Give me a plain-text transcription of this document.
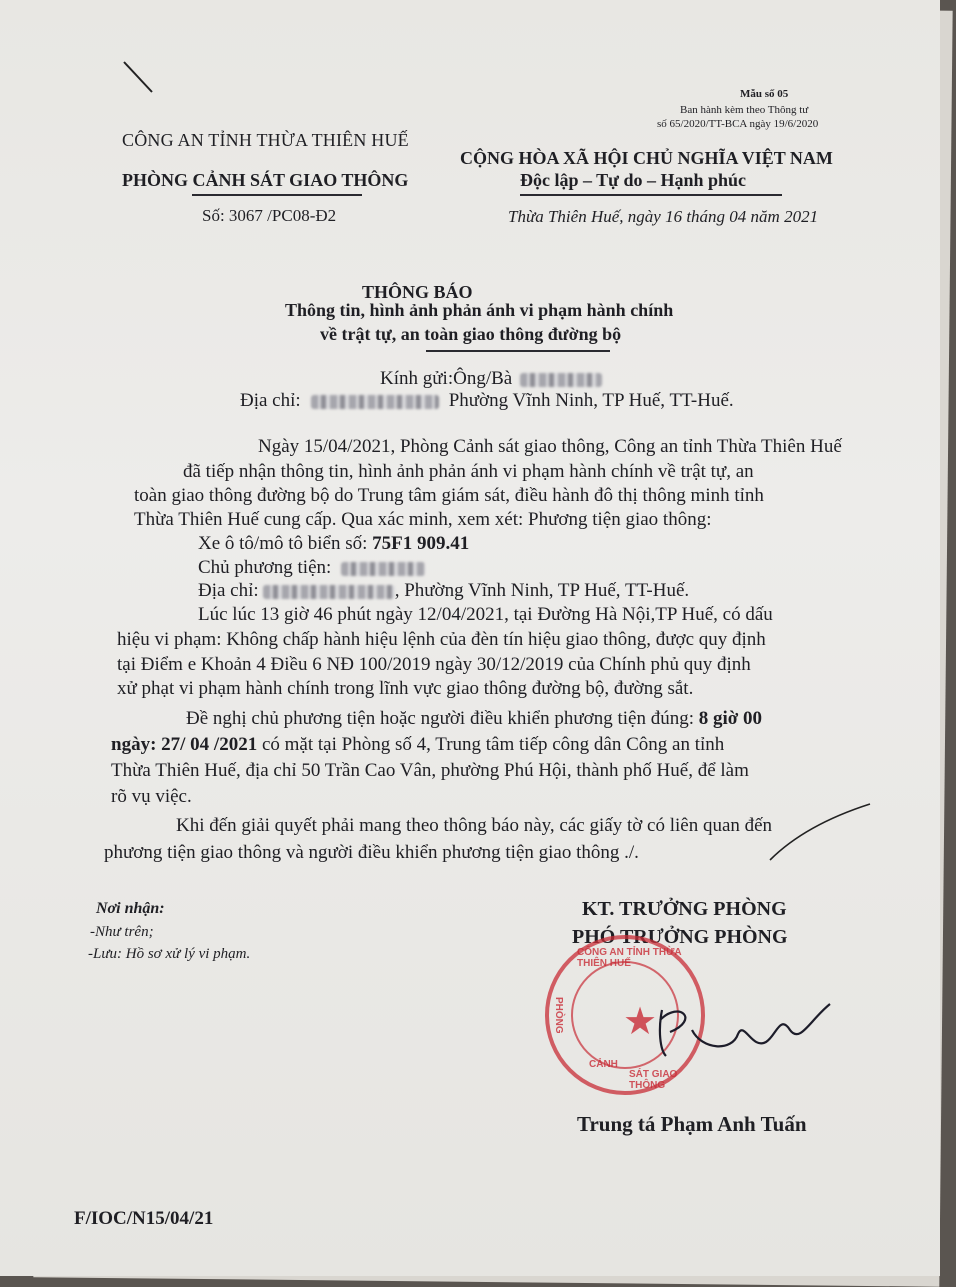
Mẫu số 05
Ban hành kèm theo Thông tư
số 65/2020/TT-BCA ngày 19/6/2020
CÔNG AN TỈNH THỪA THIÊN HUẾ
PHÒNG CẢNH SÁT GIAO THÔNG
Số: 3067 /PC08-Đ2
CỘNG HÒA XÃ HỘI CHỦ NGHĨA VIỆT NAM
Độc lập – Tự do – Hạnh phúc
Thừa Thiên Huế, ngày 16 tháng 04 năm 2021
THÔNG BÁO
Thông tin, hình ảnh phản ánh vi phạm hành chính
về trật tự, an toàn giao thông đường bộ
Kính gửi:Ông/Bà
Địa chỉ:	Phường Vĩnh Ninh, TP Huế, TT-Huế.
Ngày 15/04/2021, Phòng Cảnh sát giao thông, Công an tỉnh Thừa Thiên Huế
đã tiếp nhận thông tin, hình ảnh phản ánh vi phạm hành chính về trật tự, an
toàn giao thông đường bộ do Trung tâm giám sát, điều hành đô thị thông minh tỉnh
Thừa Thiên Huế cung cấp. Qua xác minh, xem xét: Phương tiện giao thông:
Xe ô tô/mô tô biển số: 75F1 909.41
Chủ phương tiện:
Địa chỉ:	, Phường Vĩnh Ninh, TP Huế, TT-Huế.
Lúc lúc 13 giờ 46 phút ngày 12/04/2021, tại Đường Hà Nội,TP Huế, có dấu
hiệu vi phạm: Không chấp hành hiệu lệnh của đèn tín hiệu giao thông, được quy định
tại Điểm e Khoản 4 Điều 6 NĐ 100/2019 ngày 30/12/2019 của Chính phủ quy định
xử phạt vi phạm hành chính trong lĩnh vực giao thông đường bộ, đường sắt.
Đề nghị chủ phương tiện hoặc người điều khiển phương tiện đúng: 8 giờ 00
ngày: 27/ 04 /2021 có mặt tại Phòng số 4, Trung tâm tiếp công dân Công an tỉnh
Thừa Thiên Huế, địa chỉ 50 Trần Cao Vân, phường Phú Hội, thành phố Huế, để làm
rõ vụ việc.
Khi đến giải quyết phải mang theo thông báo này, các giấy tờ có liên quan đến
phương tiện giao thông và người điều khiển phương tiện giao thông ./.
Nơi nhận:
-Như trên;
-Lưu: Hồ sơ xử lý vi phạm.
KT. TRƯỞNG PHÒNG
PHÓ TRƯỞNG PHÒNG
★
CÔNG AN TỈNH THỪA THIÊN HUẾ
PHÒNG
CẢNH
SÁT GIAO THÔNG
Trung tá Phạm Anh Tuấn
F/IOC/N15/04/21
